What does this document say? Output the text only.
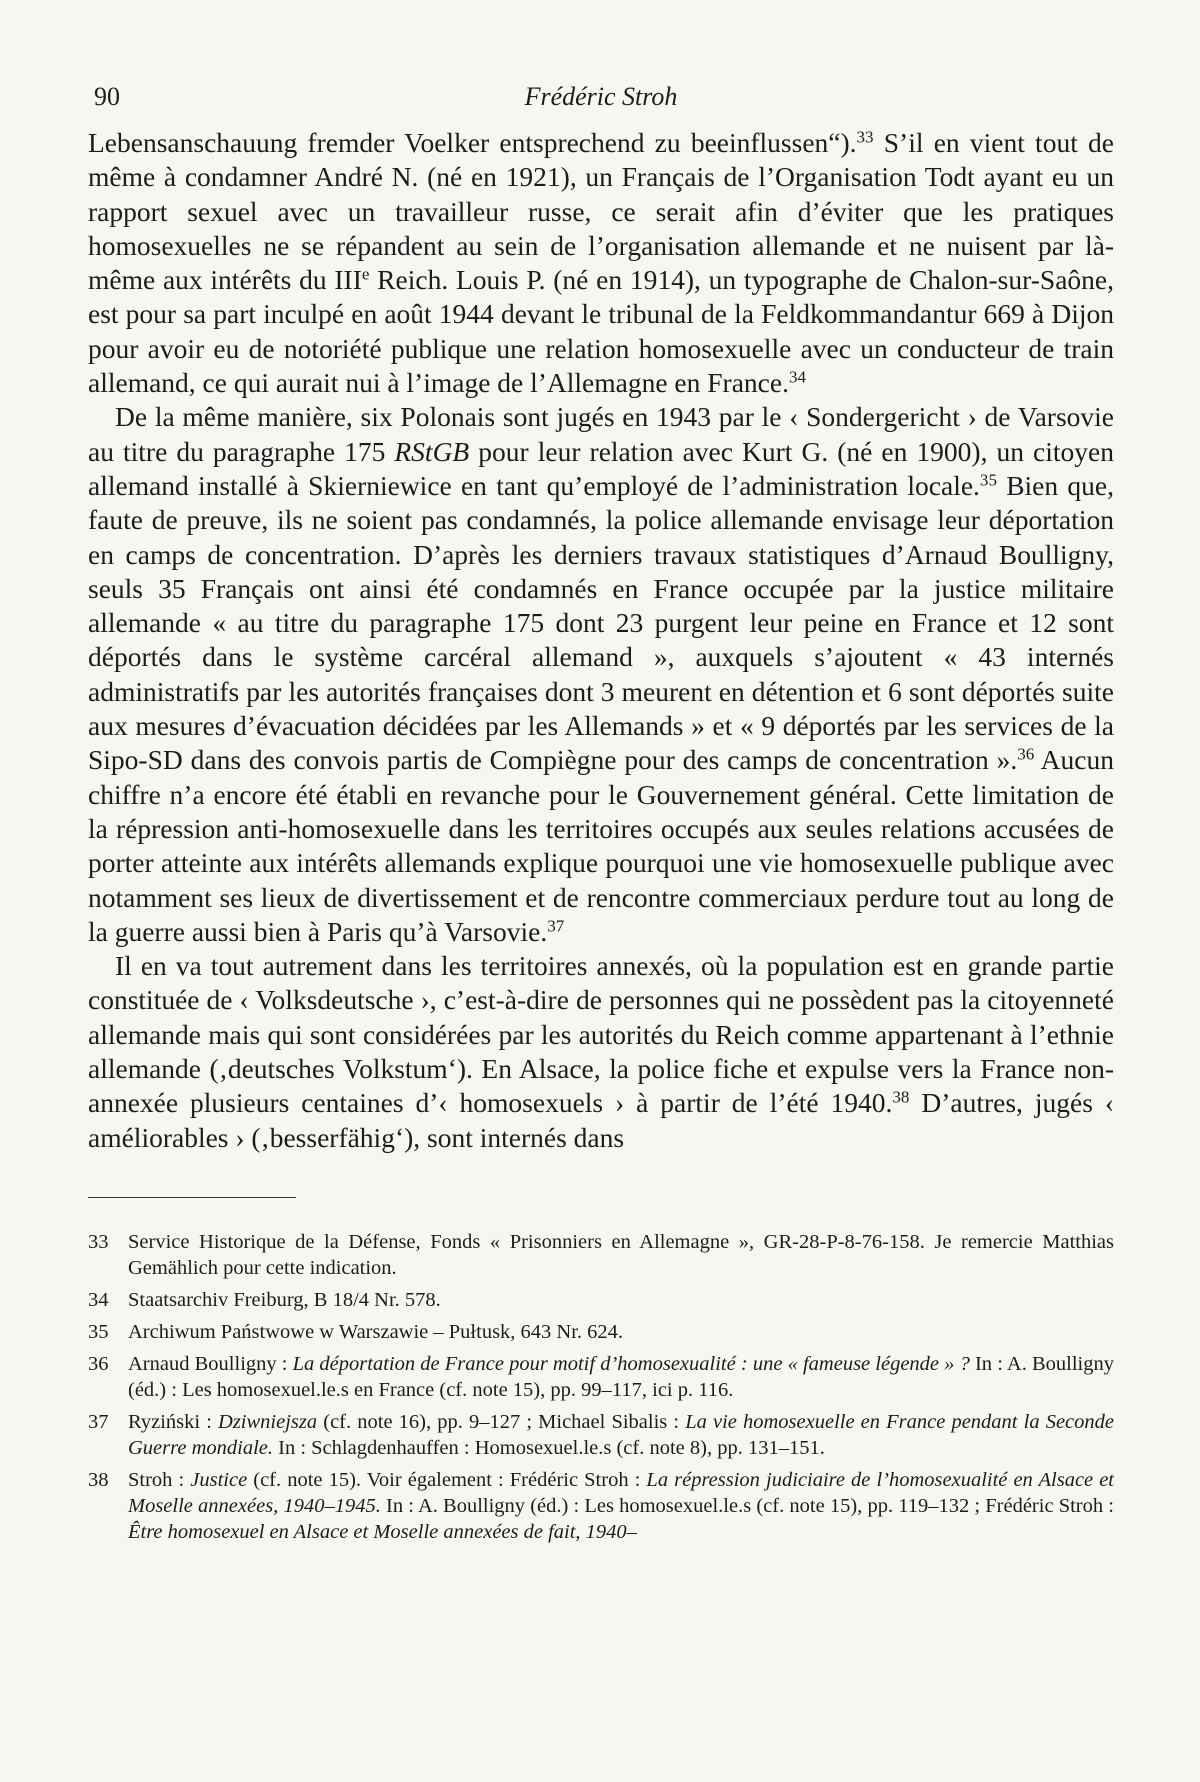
90	Frédéric Stroh

Lebensanschauung fremder Voelker entsprechend zu beeinflussen“).$^{33}$ S’il en vient tout de même à condamner André N. (né en 1921), un Français de l’Organisation Todt ayant eu un rapport sexuel avec un travailleur russe, ce serait afin d’éviter que les pratiques homosexuelles ne se répandent au sein de l’organisation allemande et ne nuisent par là-même aux intérêts du IIIe Reich. Louis P. (né en 1914), un typographe de Chalon-sur-Saône, est pour sa part inculpé en août 1944 devant le tribunal de la Feldkommandantur 669 à Dijon pour avoir eu de notoriété publique une relation homosexuelle avec un conducteur de train allemand, ce qui aurait nui à l’image de l’Allemagne en France.$^{34}$

De la même manière, six Polonais sont jugés en 1943 par le ‹ Sondergericht › de Varsovie au titre du paragraphe 175 RStGB pour leur relation avec Kurt G. (né en 1900), un citoyen allemand installé à Skierniewice en tant qu’employé de l’administration locale.$^{35}$ Bien que, faute de preuve, ils ne soient pas condamnés, la police allemande envisage leur déportation en camps de concentration. D’après les derniers travaux statistiques d’Arnaud Boulligny, seuls 35 Français ont ainsi été condamnés en France occupée par la justice militaire allemande « au titre du paragraphe 175 dont 23 purgent leur peine en France et 12 sont déportés dans le système carcéral allemand », auxquels s’ajoutent « 43 internés administratifs par les autorités françaises dont 3 meurent en détention et 6 sont déportés suite aux mesures d’évacuation décidées par les Allemands » et « 9 déportés par les services de la Sipo-SD dans des convois partis de Compiègne pour des camps de concentration ».$^{36}$ Aucun chiffre n’a encore été établi en revanche pour le Gouvernement général. Cette limitation de la répression anti-homosexuelle dans les territoires occupés aux seules relations accusées de porter atteinte aux intérêts allemands explique pourquoi une vie homosexuelle publique avec notamment ses lieux de divertissement et de rencontre commerciaux perdure tout au long de la guerre aussi bien à Paris qu’à Varsovie.$^{37}$

Il en va tout autrement dans les territoires annexés, où la population est en grande partie constituée de ‹ Volksdeutsche ›, c’est-à-dire de personnes qui ne possèdent pas la citoyenneté allemande mais qui sont considérées par les autorités du Reich comme appartenant à l’ethnie allemande (‚deutsches Volkstum‘). En Alsace, la police fiche et expulse vers la France non-annexée plusieurs centaines d’‹ homosexuels › à partir de l’été 1940.38 D’autres, jugés ‹ améliorables › (‚besserfähig‘), sont internés dans

33 Service Historique de la Défense, Fonds « Prisonniers en Allemagne », GR-28-P-8-76-158. Je remercie Matthias Gemählich pour cette indication.
34 Staatsarchiv Freiburg, B 18/4 Nr. 578.
35 Archiwum Państwowe w Warszawie – Pułtusk, 643 Nr. 624.
36 Arnaud Boulligny : La déportation de France pour motif d’homosexualité : une « fameuse légende » ? In : A. Boulligny (éd.) : Les homosexuel.le.s en France (cf. note 15), pp. 99–117, ici p. 116.
37 Ryziński : Dziwniejsza (cf. note 16), pp. 9–127 ; Michael Sibalis : La vie homosexuelle en France pendant la Seconde Guerre mondiale. In : Schlagdenhauffen : Homosexuel.le.s (cf. note 8), pp. 131–151.
38 Stroh : Justice (cf. note 15). Voir également : Frédéric Stroh : La répression judiciaire de l’homosexualité en Alsace et Moselle annexées, 1940–1945. In : A. Boulligny (éd.) : Les homosexuel.le.s (cf. note 15), pp. 119–132 ; Frédéric Stroh : Être homosexuel en Alsace et Moselle annexées de fait, 1940–
